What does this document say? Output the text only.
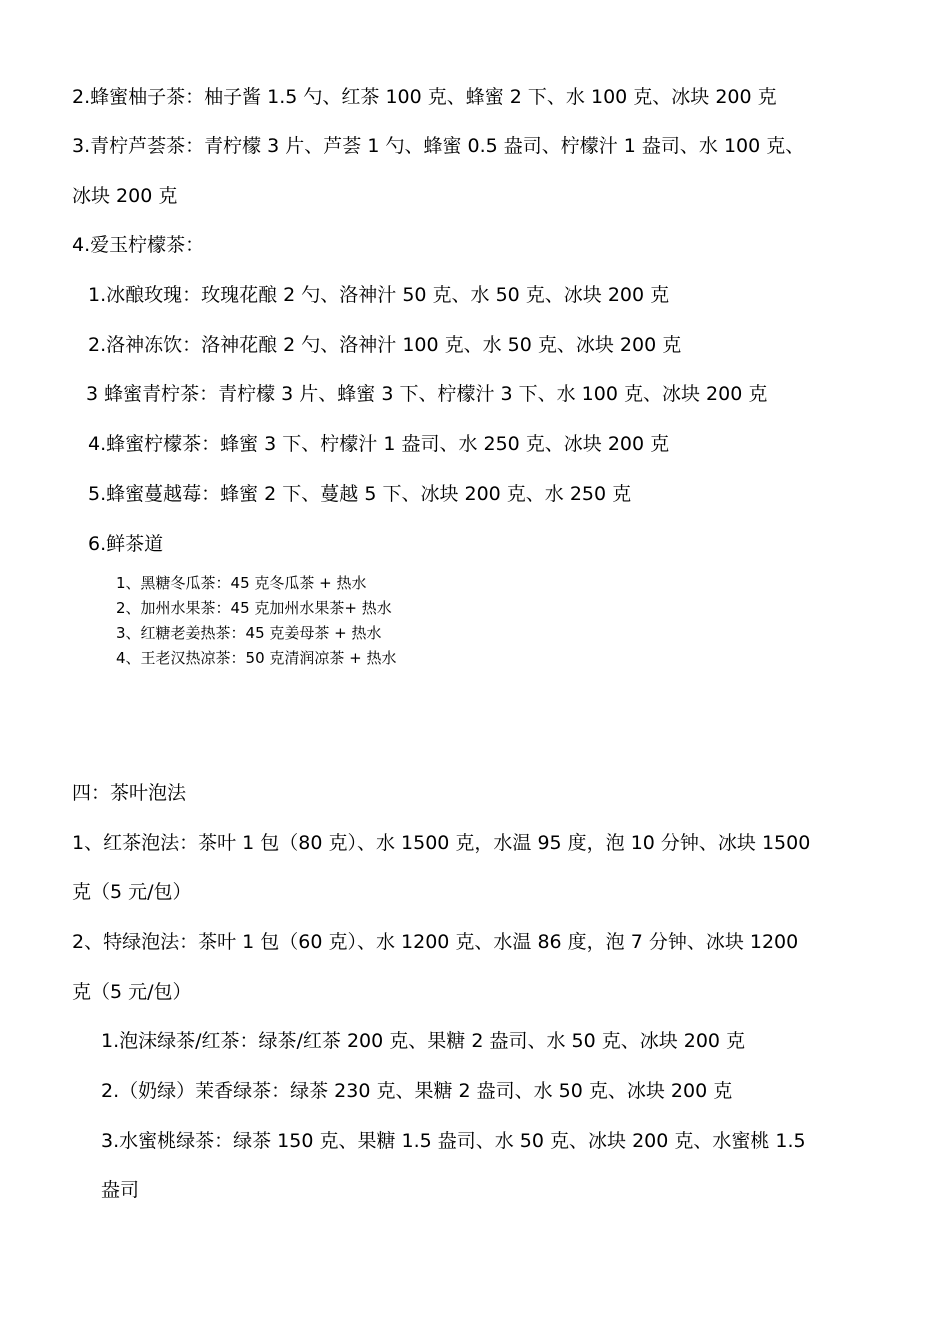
2.蜂蜜柚子茶：柚子酱 1.5 勺、红茶 100 克、蜂蜜 2 下、水 100 克、冰块 200 克
3.青柠芦荟茶：青柠檬 3 片、芦荟 1 勺、蜂蜜 0.5 盎司、柠檬汁 1 盎司、水 100 克、
冰块 200 克
4.爱玉柠檬茶：
1.冰酿玫瑰：玫瑰花酿 2 勺、洛神汁 50 克、水 50 克、冰块 200 克
2.洛神冻饮：洛神花酿 2 勺、洛神汁 100 克、水 50 克、冰块 200 克
3 蜂蜜青柠茶：青柠檬 3 片、蜂蜜 3 下、柠檬汁 3 下、水 100 克、冰块 200 克
4.蜂蜜柠檬茶：蜂蜜 3 下、柠檬汁 1 盎司、水 250 克、冰块 200 克
5.蜂蜜蔓越莓：蜂蜜 2 下、蔓越 5 下、冰块 200 克、水 250 克
6.鲜茶道
1、黑糖冬瓜茶：45 克冬瓜茶 + 热水
2、加州水果茶：45 克加州水果茶+ 热水
3、红糖老姜热茶：45 克姜母茶 + 热水
4、王老汉热凉茶：50 克清润凉茶 + 热水
四：茶叶泡法
1、红茶泡法：茶叶 1 包（80 克）、水 1500 克，水温 95 度，泡 10 分钟、冰块 1500
克（5 元/包）
2、特绿泡法：茶叶 1 包（60 克）、水 1200 克、水温 86 度，泡 7 分钟、冰块 1200
克（5 元/包）
1.泡沫绿茶/红茶：绿茶/红茶 200 克、果糖 2 盎司、水 50 克、冰块 200 克
2.（奶绿）茉香绿茶：绿茶 230 克、果糖 2 盎司、水 50 克、冰块 200 克
3.水蜜桃绿茶：绿茶 150 克、果糖 1.5 盎司、水 50 克、冰块 200 克、水蜜桃 1.5
盎司
